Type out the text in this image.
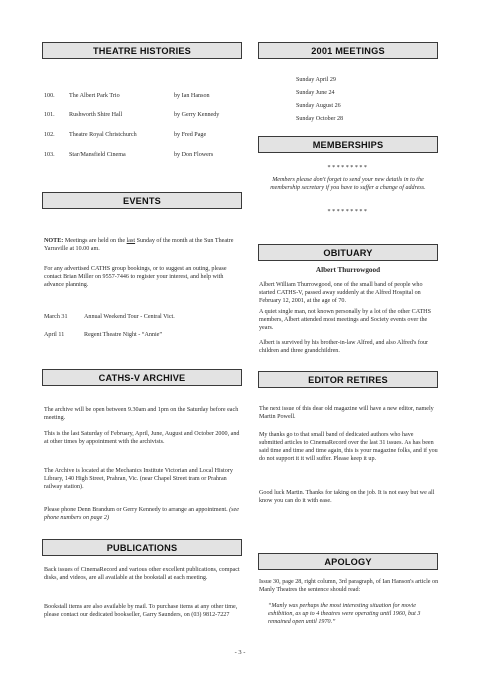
THEATRE HISTORIES
100. The Albert Park Trio	by Ian Hanson
101. Rushworth Shire Hall	by Gerry Kennedy
102. Theatre Royal Christchurch	by Fred Page
103. Star/Mansfield Cinema	by Don Flowers
EVENTS
NOTE: Meetings are held on the last Sunday of the month at the Sun Theatre Yarraville at 10.00 am.
For any advertised CATHS group bookings, or to suggest an outing, please contact Brian Miller on 9557-7446 to register your interest, and help with advance planning.
March 31	Annual Weekend Tour - Central Vict.
April 11	Regent Theatre Night - “Annie”
CATHS-V ARCHIVE
The archive will be open between 9.30am and 1pm on the Saturday before each meeting.
This is the last Saturday of February, April, June, August and October 2000, and at other times by appointment with the archivists.
The Archive is located at the Mechanics Institute Victorian and Local History Library, 140 High Street, Prahran, Vic. (near Chapel Street tram or Prahran railway station).
Please phone Denn Brandum or Gerry Kennedy to arrange an appointment. (see phone numbers on page 2)
PUBLICATIONS
Back issues of CinemaRecord and various other excellent publications, compact disks, and videos, are all available at the bookstall at each meeting.
Bookstall items are also available by mail. To purchase items at any other time, please contact our dedicated bookseller, Garry Saunders, on (03) 9812-7227
2001 MEETINGS
Sunday April 29
Sunday June 24
Sunday August 26
Sunday October 28
MEMBERSHIPS
*********
Members please don't forget to send your new details in to the membership secretary if you have to suffer a change of address.
*********
OBITUARY
Albert Thurrowgood
Albert William Thurrowgood, one of the small band of people who started CATHS-V, passed away suddenly at the Alfred Hospital on February 12, 2001, at the age of 70.
A quiet single man, not known personally by a lot of the other CATHS members, Albert attended most meetings and Society events over the years.
Albert is survived by his brother-in-law Alfred, and also Alfred's four children and three grandchildren.
EDITOR RETIRES
The next issue of this dear old magazine will have a new editor, namely Martin Powell.
My thanks go to that small band of dedicated authors who have submitted articles to CinemaRecord over the last 31 issues. As has been said time and time and time again, this is your magazine folks, and if you do not support it it will suffer. Please keep it up.
Good luck Martin. Thanks for taking on the job. It is not easy but we all know you can do it with ease.
APOLOGY
Issue 30, page 28, right column, 3rd paragraph, of Ian Hanson's article on Manly Theatres the sentence should read:
“Manly was perhaps the most interesting situation for movie exhibition, as up to 4 theatres were operating until 1960, but 3 remained open until 1970.”
- 3 -
